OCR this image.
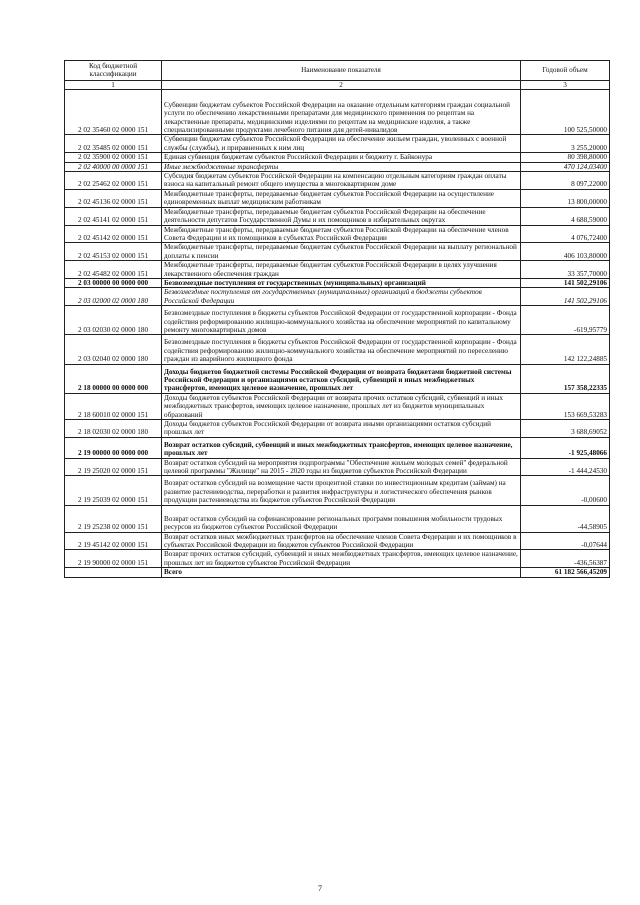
Код бюджетной классификации	Наименование показателя	Годовой объем
1	2	3
2 02 35460 02 0000 151	Субвенции бюджетам субъектов Российской Федерации на оказание отдельным категориям граждан социальной услуги по обеспечению лекарственными препаратами для медицинского применения по рецептам на лекарственные препараты, медицинскими изделиями по рецептам на медицинские изделия, а также специализированными продуктами лечебного питания для детей-инвалидов	100 525,50000
2 02 35485 02 0000 151	Субвенции бюджетам субъектов Российской Федерации на обеспечение жильем граждан, уволенных с военной службы (службы), и приравненных к ним лиц	3 255,20000
2 02 35900 02 0000 151	Единая субвенция бюджетам субъектов Российской Федерации и бюджету г. Байконура	80 398,80000
2 02 40000 00 0000 151	Иные межбюджетные трансферты	470 124,03400
2 02 25462 02 0000 151	Субсидия бюджетам субъектов Российской Федерации на компенсацию отдельным категориям граждан оплаты взноса на капитальный ремонт общего имущества в многоквартирном доме	8 097,22000
2 02 45136 02 0000 151	Межбюджетные трансферты, передаваемые бюджетам субъектов Российской Федерации на осуществление единовременных выплат медицинским работникам	13 800,00000
2 02 45141 02 0000 151	Межбюджетные трансферты, передаваемые бюджетам субъектов Российской Федерации на обеспечение деятельности депутатов Государственной Думы и их помощников в избирательных округах	4 688,59000
2 02 45142 02 0000 151	Межбюджетные трансферты, передаваемые бюджетам субъектов Российской Федерации на обеспечение членов Совета Федерации и их помощников в субъектах Российской Федерации	4 076,72400
2 02 45153 02 0000 151	Межбюджетные трансферты, передаваемые бюджетам субъектов Российской Федерации на выплату региональной доплаты к пенсии	406 103,80000
2 02 45482 02 0000 151	Межбюджетные трансферты, передаваемые бюджетам субъектов Российской Федерации в целях улучшения лекарственного обеспечения граждан	33 357,70000
2 03 00000 00 0000 000	Безвозмездные поступления от государственных (муниципальных) организаций	141 502,29106
2 03 02000 02 0000 180	Безвозмездные поступления от государственных (муниципальных) организаций в бюджеты субъектов Российской Федерации	141 502,29106
2 03 02030 02 0000 180	Безвозмездные поступления в бюджеты субъектов Российской Федерации от государственной корпорации - Фонда содействия реформированию жилищно-коммунального хозяйства на обеспечение мероприятий по капитальному ремонту многоквартирных домов	-619,95779
2 03 02040 02 0000 180	Безвозмездные поступления в бюджеты субъектов Российской Федерации от государственной корпорации - Фонда содействия реформированию жилищно-коммунального хозяйства на обеспечение мероприятий по переселению граждан из аварийного жилищного фонда	142 122,24885
2 18 00000 00 0000 000	Доходы бюджетов бюджетной системы Российской Федерации от возврата бюджетами бюджетной системы Российской Федерации и организациями остатков субсидий, субвенций и иных межбюджетных трансфертов, имеющих целевое назначение, прошлых лет	157 358,22335
2 18 60010 02 0000 151	Доходы бюджетов субъектов Российской Федерации от возврата прочих остатков субсидий, субвенций и иных межбюджетных трансфертов, имеющих целевое назначение, прошлых лет из бюджетов муниципальных образований	153 669,53283
2 18 02030 02 0000 180	Доходы бюджетов субъектов Российской Федерации от возврата иными организациями остатков субсидий прошлых лет	3 688,69052
2 19 00000 00 0000 000	Возврат остатков субсидий, субвенций и иных межбюджетных трансфертов, имеющих целевое назначение, прошлых лет	-1 925,48066
2 19 25020 02 0000 151	Возврат остатков субсидий на мероприятия подпрограммы "Обеспечение жильем молодых семей" федеральной целевой программы "Жилище" на 2015 - 2020 годы из бюджетов субъектов Российской Федерации	-1 444,24530
2 19 25039 02 0000 151	Возврат остатков субсидий на возмещение части процентной ставки по инвестиционным кредитам (займам) на развитие растениеводства, переработки и развития инфраструктуры и логистического обеспечения рынков продукции растениеводства из бюджетов субъектов Российской Федерации	-0,00600
2 19 25238 02 0000 151	Возврат остатков субсидий на софинансирование региональных программ повышения мобильности трудовых ресурсов из бюджетов субъектов Российской Федерации	-44,58905
2 19 45142 02 0000 151	Возврат остатков иных межбюджетных трансфертов на обеспечение членов Совета Федерации и их помощников в субъектах Российской Федерации из бюджетов субъектов Российской Федерации	-0,07644
2 19 90000 02 0000 151	Возврат прочих остатков субсидий, субвенций и иных межбюджетных трансфертов, имеющих целевое назначение, прошлых лет из бюджетов субъектов Российской Федерации	-436,56387
	Всего	61 182 566,45209
7
